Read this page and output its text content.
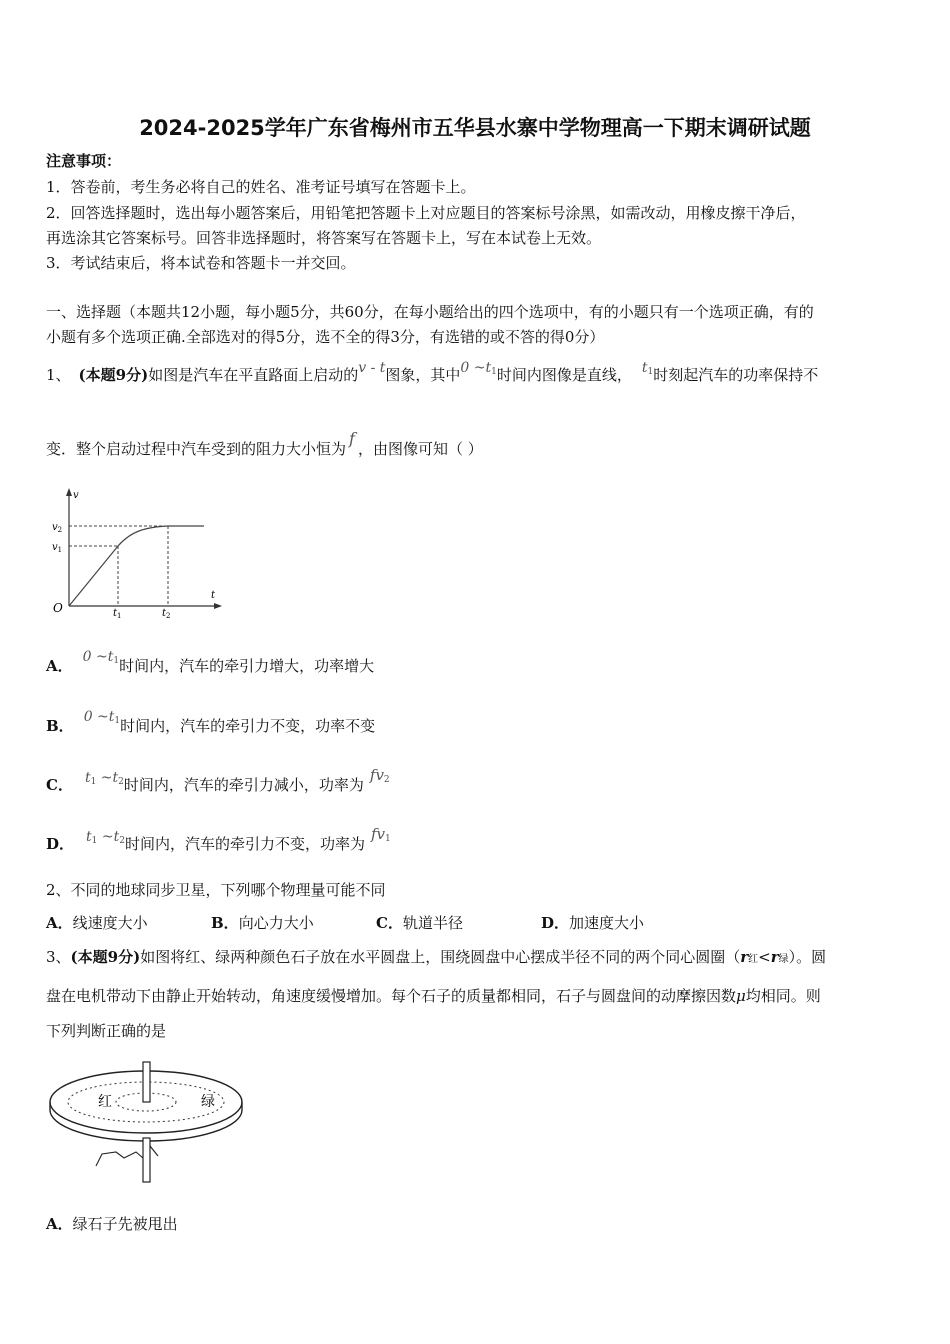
2024-2025学年广东省梅州市五华县水寨中学物理高一下期末调研试题
注意事项：
1．答卷前，考生务必将自己的姓名、准考证号填写在答题卡上。
2．回答选择题时，选出每小题答案后，用铅笔把答题卡上对应题目的答案标号涂黑，如需改动，用橡皮擦干净后，
再选涂其它答案标号。回答非选择题时，将答案写在答题卡上，写在本试卷上无效。
3．考试结束后，将本试卷和答题卡一并交回。
一、选择题（本题共12小题，每小题5分，共60分，在每小题给出的四个选项中，有的小题只有一个选项正确，有的
小题有多个选项正确.全部选对的得5分，选不全的得3分，有选错的或不答的得0分）
1、 (本题9分)如图是汽车在平直路面上启动的v - t图象，其中0 $\sim t_1$时间内图像是直线， $t_1$时刻起汽车的功率保持不
变．整个启动过程中汽车受到的阻力大小恒为f，由图像可知（ ）
v
t
O
$v_1$
$v_2$
$t_1$	$t_2$
A． 0 $\sim t_1$时间内，汽车的牵引力增大，功率增大
B． 0 $\sim t_1$时间内，汽车的牵引力不变，功率不变
C． $t_1$ $\sim t_2$时间内，汽车的牵引力减小，功率为$fv_2$
D． $t_1$ $\sim t_2$时间内，汽车的牵引力不变，功率为$fv_1$
2、不同的地球同步卫星，下列哪个物理量可能不同
A．线速度大小	B．向心力大小	C．轨道半径	D．加速度大小
3、(本题9分)如图将红、绿两种颜色石子放在水平圆盘上，围绕圆盘中心摆成半径不同的两个同心圆圈（r红<r绿）。圆
盘在电机带动下由静止开始转动，角速度缓慢增加。每个石子的质量都相同，石子与圆盘间的动摩擦因数μ均相同。则
下列判断正确的是
红	绿
A．绿石子先被甩出
